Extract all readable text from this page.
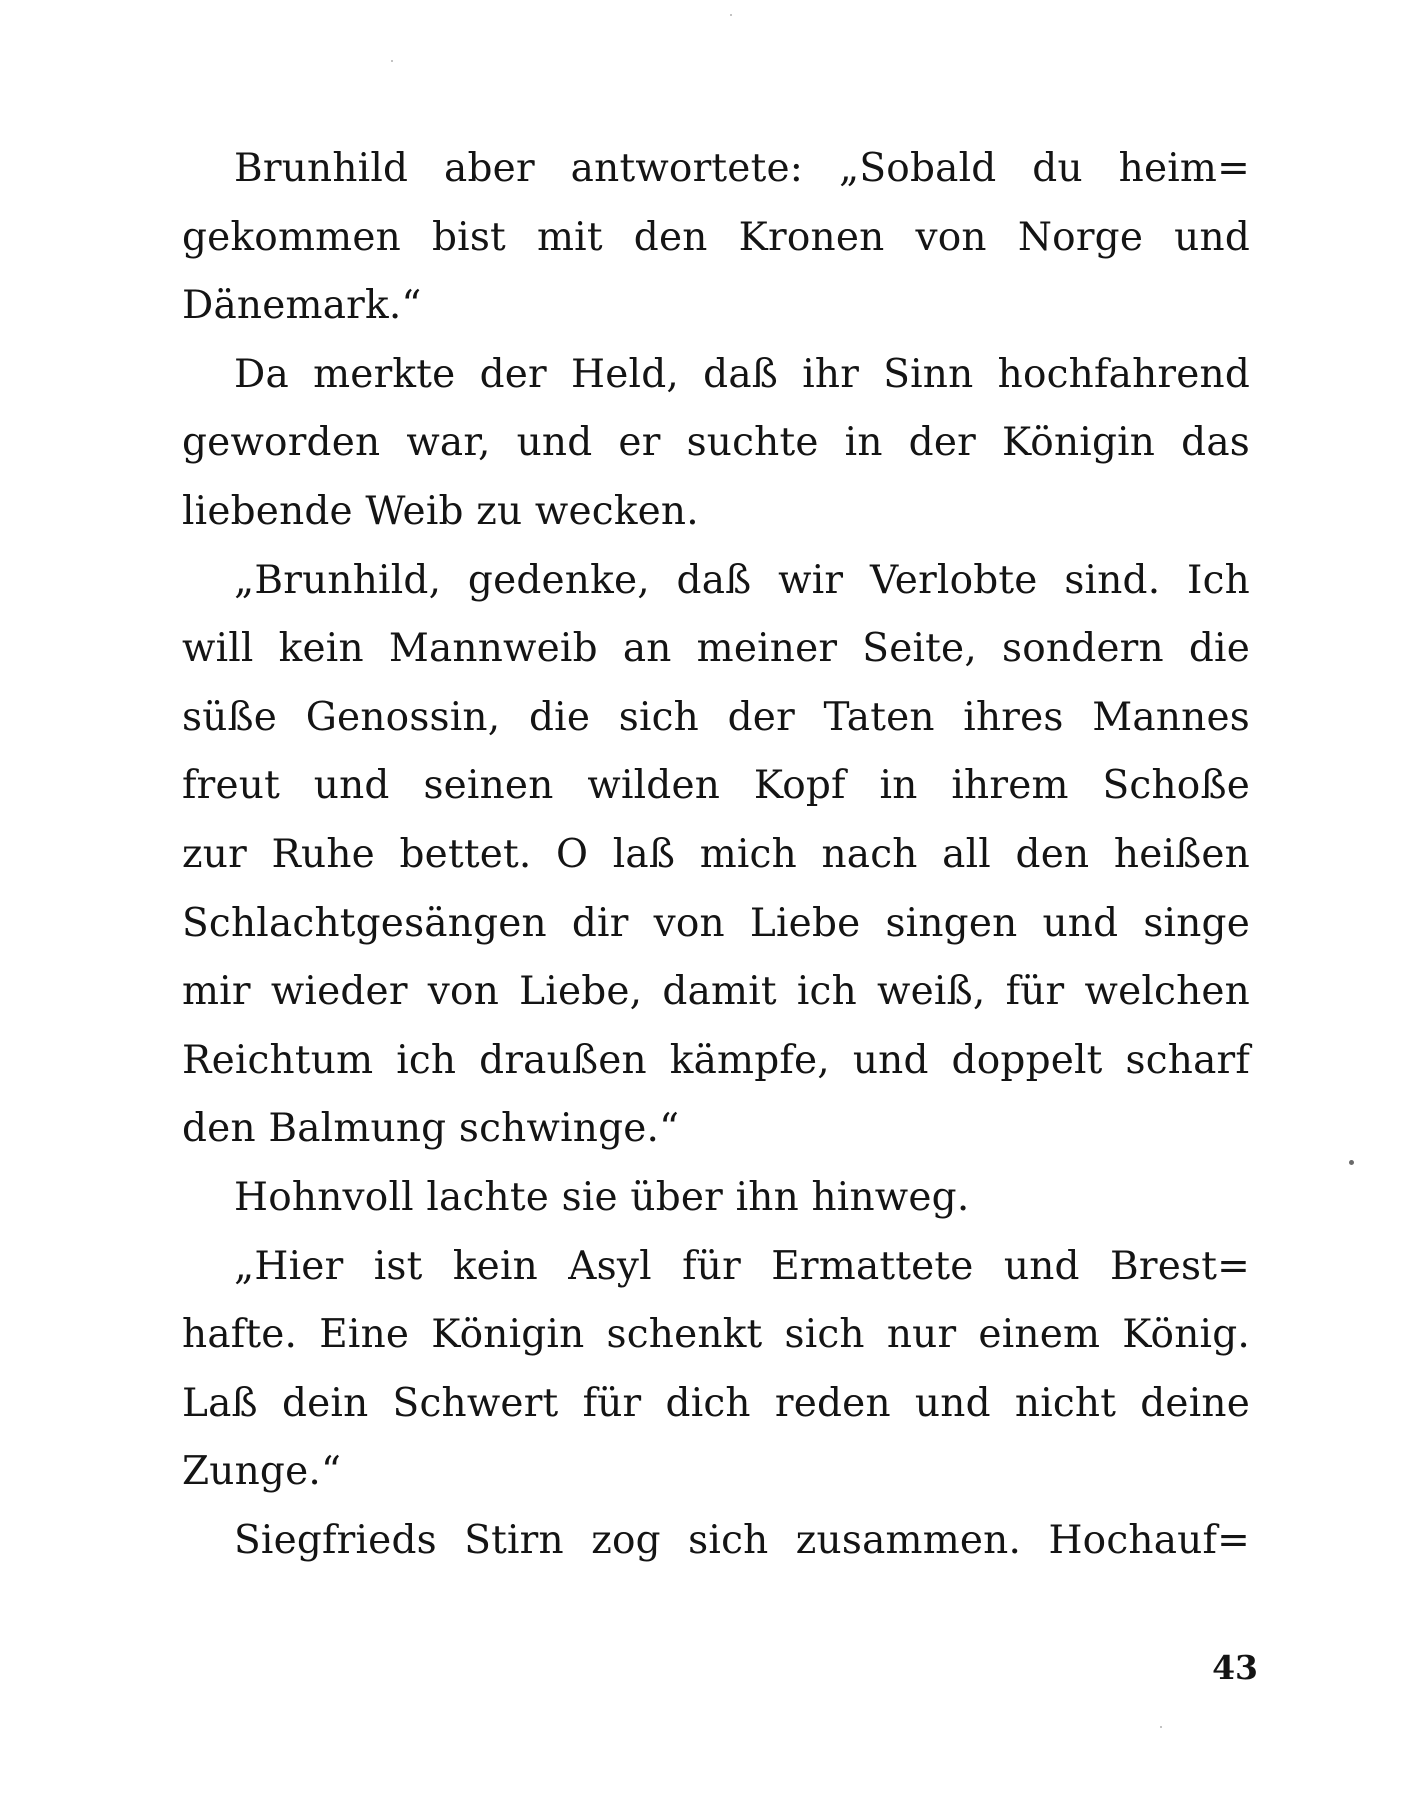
Brunhild aber antwortete: „Sobald du heim=
gekommen bist mit den Kronen von Norge und
Dänemark.“
Da merkte der Held, daß ihr Sinn hochfahrend
geworden war, und er suchte in der Königin das
liebende Weib zu wecken.
„Brunhild, gedenke, daß wir Verlobte sind. Ich
will kein Mannweib an meiner Seite, sondern die
süße Genossin, die sich der Taten ihres Mannes
freut und seinen wilden Kopf in ihrem Schoße
zur Ruhe bettet. O laß mich nach all den heißen
Schlachtgesängen dir von Liebe singen und singe
mir wieder von Liebe, damit ich weiß, für welchen
Reichtum ich draußen kämpfe, und doppelt scharf
den Balmung schwinge.“
Hohnvoll lachte sie über ihn hinweg.
„Hier ist kein Asyl für Ermattete und Brest=
hafte. Eine Königin schenkt sich nur einem König.
Laß dein Schwert für dich reden und nicht deine
Zunge.“
Siegfrieds Stirn zog sich zusammen. Hochauf=
43
